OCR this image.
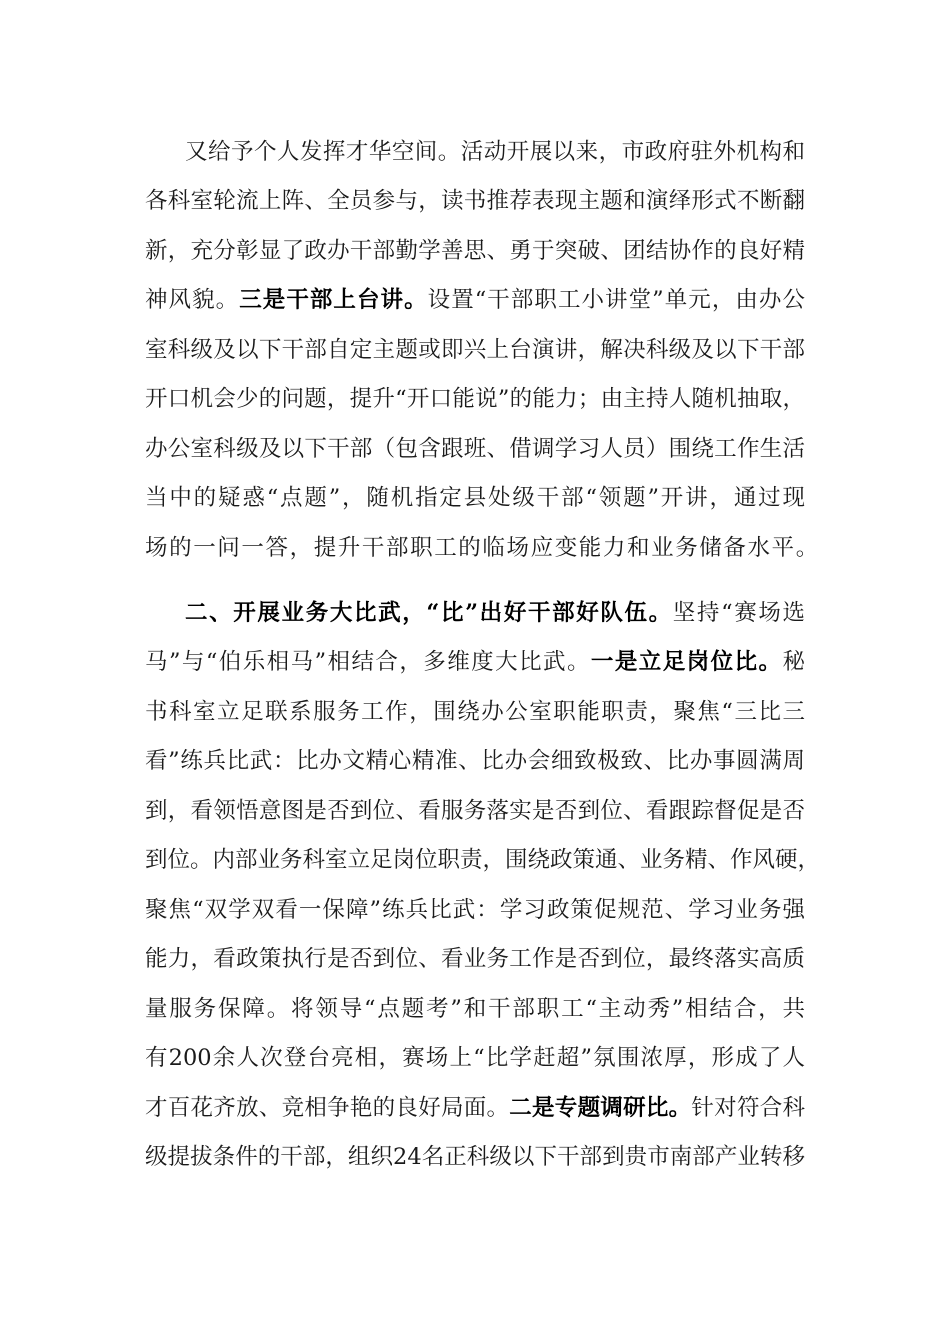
又给予个人发挥才华空间。活动开展以来，市政府驻外机构和
各科室轮流上阵、全员参与，读书推荐表现主题和演绎形式不断翻
新，充分彰显了政办干部勤学善思、勇于突破、团结协作的良好精
神风貌。三是干部上台讲。设置“干部职工小讲堂”单元，由办公
室科级及以下干部自定主题或即兴上台演讲，解决科级及以下干部
开口机会少的问题，提升“开口能说”的能力；由主持人随机抽取，
办公室科级及以下干部（包含跟班、借调学习人员）围绕工作生活
当中的疑惑“点题”，随机指定县处级干部“领题”开讲，通过现
场的一问一答，提升干部职工的临场应变能力和业务储备水平。
二、开展业务大比武，“比”出好干部好队伍。坚持“赛场选
马”与“伯乐相马”相结合，多维度大比武。一是立足岗位比。秘
书科室立足联系服务工作，围绕办公室职能职责，聚焦“三比三
看”练兵比武：比办文精心精准、比办会细致极致、比办事圆满周
到，看领悟意图是否到位、看服务落实是否到位、看跟踪督促是否
到位。内部业务科室立足岗位职责，围绕政策通、业务精、作风硬，
聚焦“双学双看一保障”练兵比武：学习政策促规范、学习业务强
能力，看政策执行是否到位、看业务工作是否到位，最终落实高质
量服务保障。将领导“点题考”和干部职工“主动秀”相结合，共
有200余人次登台亮相，赛场上“比学赶超”氛围浓厚，形成了人
才百花齐放、竞相争艳的良好局面。二是专题调研比。针对符合科
级提拔条件的干部，组织24名正科级以下干部到贵市南部产业转移
